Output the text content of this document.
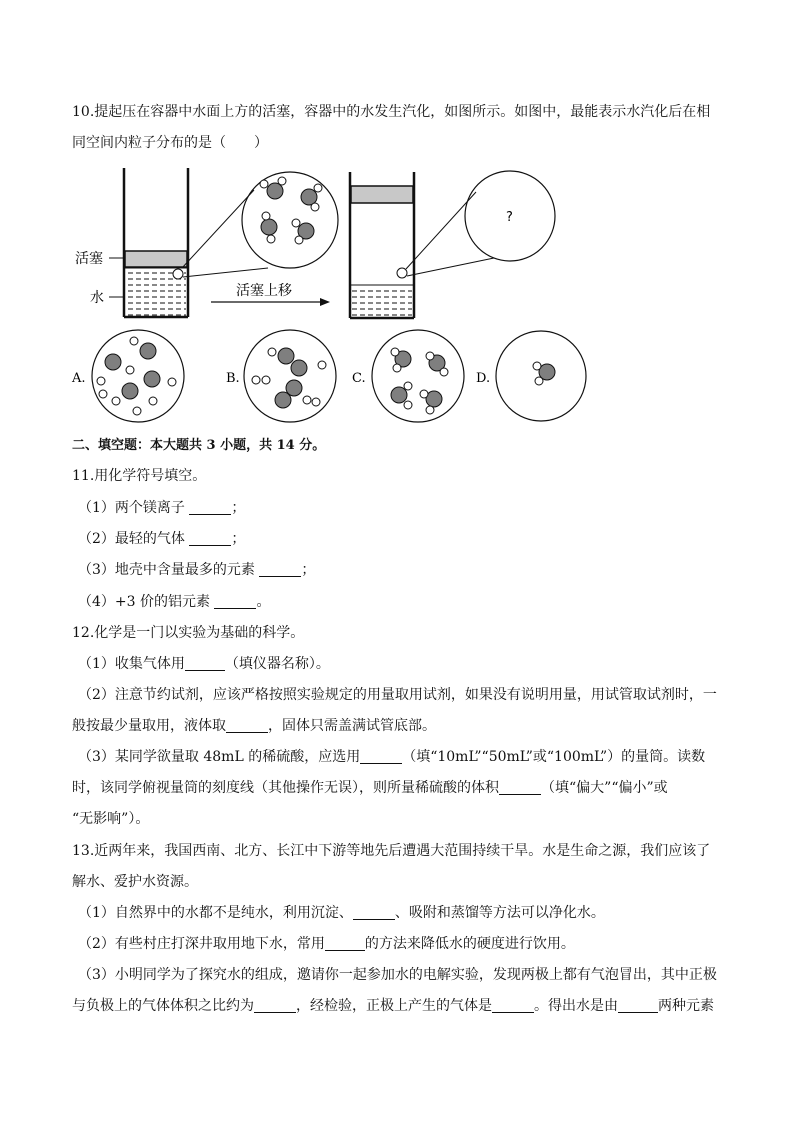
10.提起压在容器中水面上方的活塞，容器中的水发生汽化，如图所示。如图中，最能表示水汽化后在相
同空间内粒子分布的是（　　）
活塞
水	活塞上移
?
A.	B.	C.	D.
二、填空题：本大题共 3 小题，共 14 分。
11.用化学符号填空。
（1）两个镁离子	；
（2）最轻的气体	；
（3）地壳中含量最多的元素	；
（4）+3 价的铝元素	。
12.化学是一门以实验为基础的科学。
（1）收集气体用	（填仪器名称）。
（2）注意节约试剂，应该严格按照实验规定的用量取用试剂，如果没有说明用量，用试管取试剂时，一
般按最少量取用，液体取	，固体只需盖满试管底部。
（3）某同学欲量取 48mL 的稀硫酸，应选用	（填“10mL”“50mL”或“100mL”）的量筒。读数
时，该同学俯视量筒的刻度线（其他操作无误），则所量稀硫酸的体积	（填“偏大”“偏小”或
“无影响”）。
13.近两年来，我国西南、北方、长江中下游等地先后遭遇大范围持续干旱。水是生命之源，我们应该了
解水、爱护水资源。
（1）自然界中的水都不是纯水，利用沉淀、	、吸附和蒸馏等方法可以净化水。
（2）有些村庄打深井取用地下水，常用	的方法来降低水的硬度进行饮用。
（3）小明同学为了探究水的组成，邀请你一起参加水的电解实验，发现两极上都有气泡冒出，其中正极
与负极上的气体体积之比约为	，经检验，正极上产生的气体是	。得出水是由	两种元素
